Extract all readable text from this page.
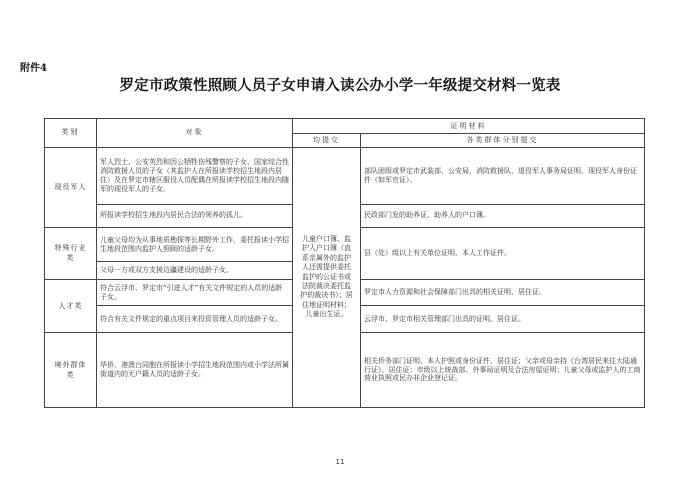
附件4
罗定市政策性照顾人员子女申请入读公办小学一年级提交材料一览表
类别	对象	证明材料	
		均提交	各类群体分别提交
现役军人	军人烈士、公安英烈和因公牺牲伤残警察的子女、国家综合性消防救援人员的子女（其监护人在所报读学校招生地段内居住）及在罗定市辖区服役人员配偶在所报读学校招生地段内随军的现役军人的子女。	儿童户口簿、监护人户口簿（直系亲属外的监护人还需提供委托监护的公证书或法院裁决委托监护的裁决书）；居住地证明材料；儿童出生证。	部队团级或罗定市武装部、公安局、消防救援队、退役军人事务局证明、现役军人身份证件（如军官证）。
	所报读学校招生地段内居民合法的领养的孤儿。		民政部门发的助养证、助养人的户口簿。
特殊行业类	儿童父母均为从事地质勘探等长期野外工作，委托报读小学招生地段范围内监护人照顾的适龄子女。		县（处）级以上有关单位证明、本人工作证件。
	父母一方或双方支援边疆建设的适龄子女。		
人才类	符合云浮市、罗定市“引进人才”有关文件规定的人员的适龄子女。		罗定市人力资源和社会保障部门出具的相关证明、居住证。
	符合有关文件规定的重点项目来投资管理人员的适龄子女。		云浮市、罗定市相关管理部门出具的证明、居住证。
境外群体类	华侨、港澳台同胞在所报读小学招生地段范围内或小学法所属街道内的无户籍人员的适龄子女。		相关侨务部门证明、本人护照或身份证件、居住证；父亲或母亲持《台湾居民来往大陆通行证》、居住证；市级以上统战部、外事局证明及合法房屋证明；儿童父母或监护人的工商营业执照或民办非企业登记证。
11
